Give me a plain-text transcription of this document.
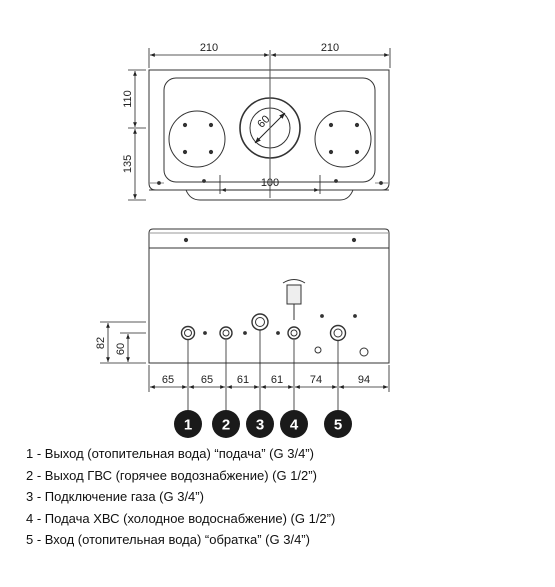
210	210
110
135
60
100
82 60
65 65 61 61 74	94
1 2 3 4 5
1 - Выход (отопительная вода) “подача” (G 3/4”)
2 - Выход ГВС (горячее водознабжение) (G 1/2”)
3 - Подключение газа (G 3/4”)
4 - Подача ХВС (холодное водоснабжение) (G 1/2”)
5 - Вход (отопительная вода) “обратка” (G 3/4”)
